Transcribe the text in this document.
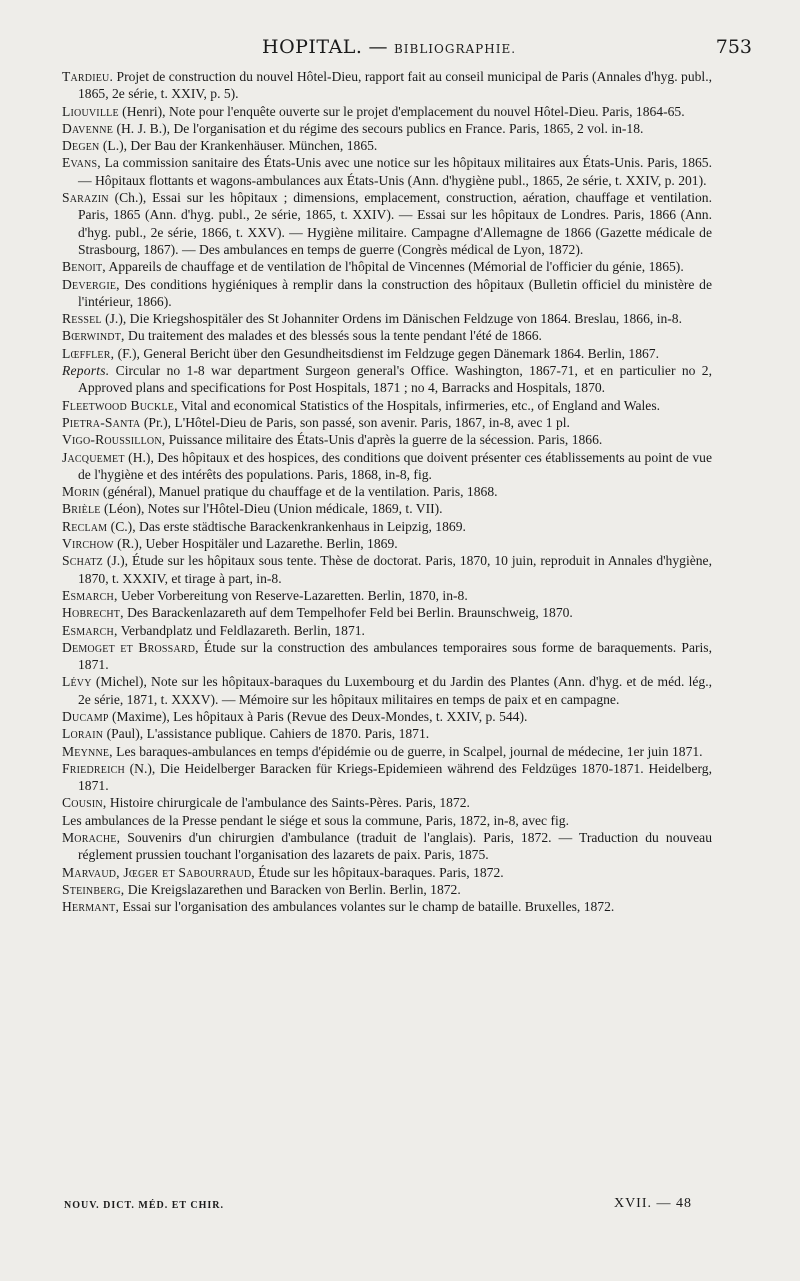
HOPITAL. — BIBLIOGRAPHIE.	753
Tardieu. Projet de construction du nouvel Hôtel-Dieu, rapport fait au conseil municipal de Paris (Annales d'hyg. publ., 1865, 2e série, t. XXIV, p. 5).
Liouville (Henri), Note pour l'enquête ouverte sur le projet d'emplacement du nouvel Hôtel-Dieu. Paris, 1864-65.
Davenne (H. J. B.), De l'organisation et du régime des secours publics en France. Paris, 1865, 2 vol. in-18.
Degen (L.), Der Bau der Krankenhäuser. München, 1865.
Evans, La commission sanitaire des États-Unis avec une notice sur les hôpitaux militaires aux États-Unis. Paris, 1865. — Hôpitaux flottants et wagons-ambulances aux États-Unis (Ann. d'hygiène publ., 1865, 2e série, t. XXIV, p. 201).
Sarazin (Ch.), Essai sur les hôpitaux ; dimensions, emplacement, construction, aération, chauffage et ventilation. Paris, 1865 (Ann. d'hyg. publ., 2e série, 1865, t. XXIV). — Essai sur les hôpitaux de Londres. Paris, 1866 (Ann. d'hyg. publ., 2e série, 1866, t. XXV). — Hygiène militaire. Campagne d'Allemagne de 1866 (Gazette médicale de Strasbourg, 1867). — Des ambulances en temps de guerre (Congrès médical de Lyon, 1872).
Benoit, Appareils de chauffage et de ventilation de l'hôpital de Vincennes (Mémorial de l'officier du génie, 1865).
Devergie, Des conditions hygiéniques à remplir dans la construction des hôpitaux (Bulletin officiel du ministère de l'intérieur, 1866).
Ressel (J.), Die Kriegshospitäler des St Johanniter Ordens im Dänischen Feldzuge von 1864. Breslau, 1866, in-8.
Bœrwindt, Du traitement des malades et des blessés sous la tente pendant l'été de 1866.
Lœffler, (F.), General Bericht über den Gesundheitsdienst im Feldzuge gegen Dänemark 1864. Berlin, 1867.
Reports. Circular no 1-8 war department Surgeon general's Office. Washington, 1867-71, et en particulier no 2, Approved plans and specifications for Post Hospitals, 1871 ; no 4, Barracks and Hospitals, 1870.
Fleetwood Buckle, Vital and economical Statistics of the Hospitals, infirmeries, etc., of England and Wales.
Pietra-Santa (Pr.), L'Hôtel-Dieu de Paris, son passé, son avenir. Paris, 1867, in-8, avec 1 pl.
Vigo-Roussillon, Puissance militaire des États-Unis d'après la guerre de la sécession. Paris, 1866.
Jacquemet (H.), Des hôpitaux et des hospices, des conditions que doivent présenter ces établissements au point de vue de l'hygiène et des intérêts des populations. Paris, 1868, in-8, fig.
Morin (général), Manuel pratique du chauffage et de la ventilation. Paris, 1868.
Brièle (Léon), Notes sur l'Hôtel-Dieu (Union médicale, 1869, t. VII).
Reclam (C.), Das erste städtische Barackenkrankenhaus in Leipzig, 1869.
Virchow (R.), Ueber Hospitäler und Lazarethe. Berlin, 1869.
Schatz (J.), Étude sur les hôpitaux sous tente. Thèse de doctorat. Paris, 1870, 10 juin, reproduit in Annales d'hygiène, 1870, t. XXXIV, et tirage à part, in-8.
Esmarch, Ueber Vorbereitung von Reserve-Lazaretten. Berlin, 1870, in-8.
Hobrecht, Des Barackenlazareth auf dem Tempelhofer Feld bei Berlin. Braunschweig, 1870.
Esmarch, Verbandplatz und Feldlazareth. Berlin, 1871.
Demoget et Brossard, Étude sur la construction des ambulances temporaires sous forme de baraquements. Paris, 1871.
Lévy (Michel), Note sur les hôpitaux-baraques du Luxembourg et du Jardin des Plantes (Ann. d'hyg. et de méd. lég., 2e série, 1871, t. XXXV). — Mémoire sur les hôpitaux militaires en temps de paix et en campagne.
Ducamp (Maxime), Les hôpitaux à Paris (Revue des Deux-Mondes, t. XXIV, p. 544).
Lorain (Paul), L'assistance publique. Cahiers de 1870. Paris, 1871.
Meynne, Les baraques-ambulances en temps d'épidémie ou de guerre, in Scalpel, journal de médecine, 1er juin 1871.
Friedreich (N.), Die Heidelberger Baracken für Kriegs-Epidemieen während des Feldzüges 1870-1871. Heidelberg, 1871.
Cousin, Histoire chirurgicale de l'ambulance des Saints-Pères. Paris, 1872.
Les ambulances de la Presse pendant le siége et sous la commune, Paris, 1872, in-8, avec fig.
Morache, Souvenirs d'un chirurgien d'ambulance (traduit de l'anglais). Paris, 1872. — Traduction du nouveau réglement prussien touchant l'organisation des lazarets de paix. Paris, 1875.
Marvaud, Jœger et Sabourraud, Étude sur les hôpitaux-baraques. Paris, 1872.
Steinberg, Die Kreigslazarethen und Baracken von Berlin. Berlin, 1872.
Hermant, Essai sur l'organisation des ambulances volantes sur le champ de bataille. Bruxelles, 1872.
NOUV. DICT. MÉD. ET CHIR.	XVII. — 48
